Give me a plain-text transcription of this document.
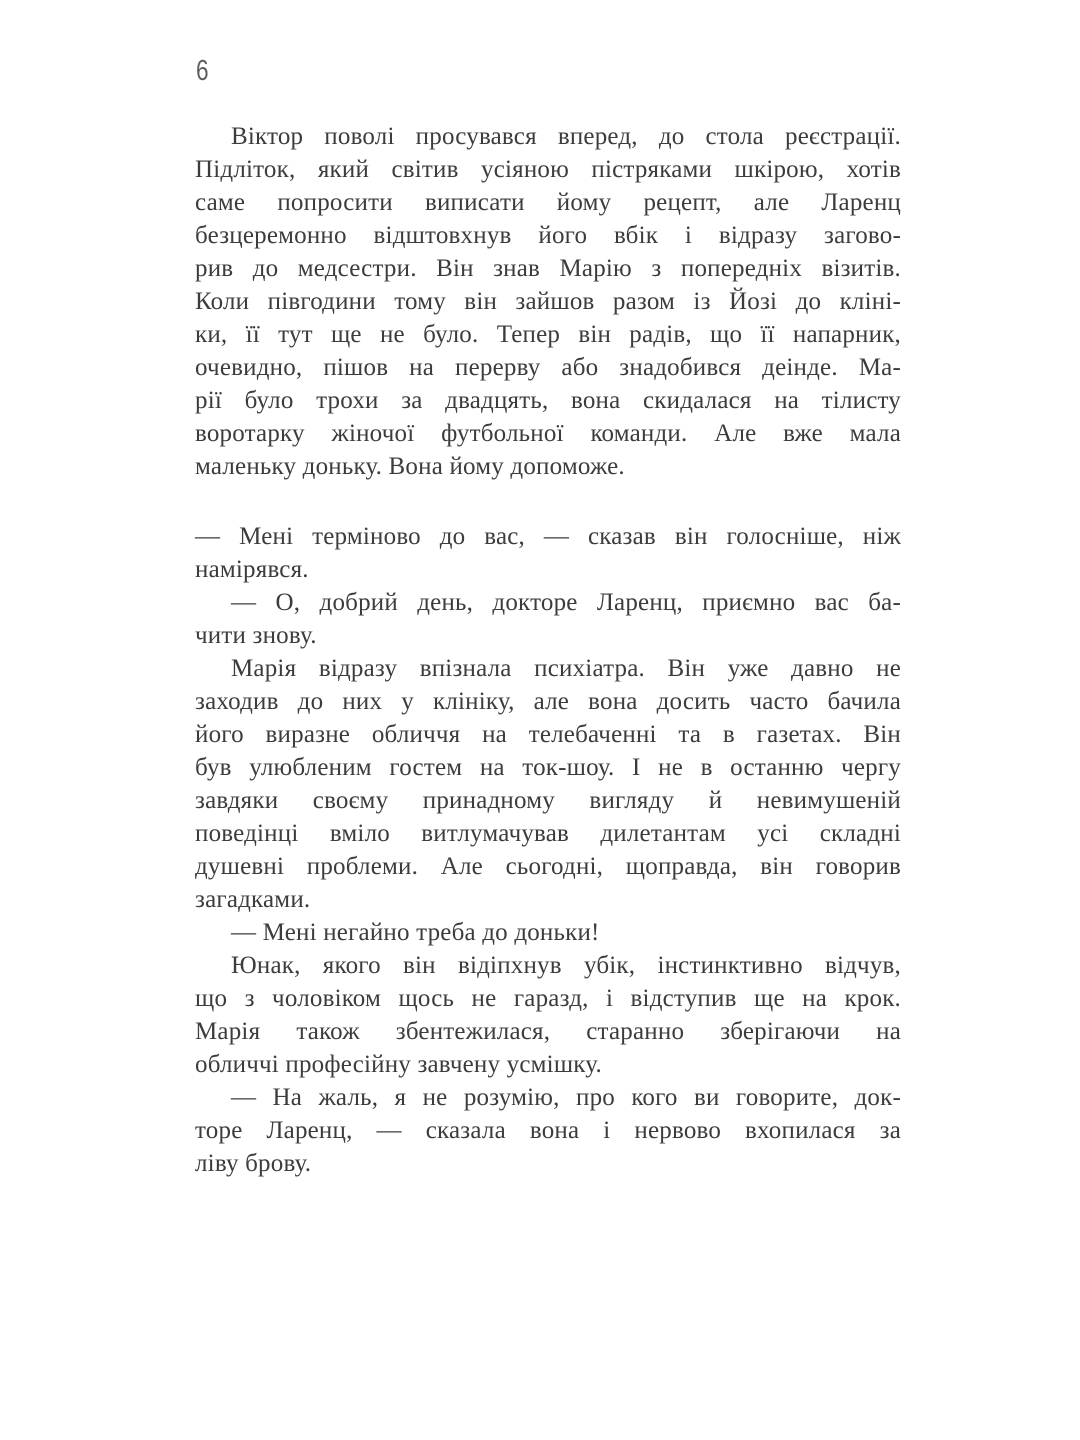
6
Віктор поволі просувався вперед, до стола реєстрації.
Підліток, який світив усіяною пістряками шкірою, хотів
саме попросити виписати йому рецепт, але Ларенц
безцеремонно відштовхнув його вбік і відразу загово-
рив до медсестри. Він знав Марію з попередніх візитів.
Коли півгодини тому він зайшов разом із Йозі до кліні-
ки, її тут ще не було. Тепер він радів, що її напарник,
очевидно, пішов на перерву або знадобився деінде. Ма-
рії було трохи за двадцять, вона скидалася на тілисту
воротарку жіночої футбольної команди. Але вже мала
маленьку доньку. Вона йому допоможе.
— Мені терміново до вас, — сказав він голосніше, ніж
намірявся.
— О, добрий день, докторе Ларенц, приємно вас ба-
чити знову.
Марія відразу впізнала психіатра. Він уже давно не
заходив до них у клініку, але вона досить часто бачила
його виразне обличчя на телебаченні та в газетах. Він
був улюбленим гостем на ток-шоу. І не в останню чергу
завдяки своєму принадному вигляду й невимушеній
поведінці вміло витлумачував дилетантам усі складні
душевні проблеми. Але сьогодні, щоправда, він говорив
загадками.
— Мені негайно треба до доньки!
Юнак, якого він відіпхнув убік, інстинктивно відчув,
що з чоловіком щось не гаразд, і відступив ще на крок.
Марія також збентежилася, старанно зберігаючи на
обличчі професійну завчену усмішку.
— На жаль, я не розумію, про кого ви говорите, док-
торе Ларенц, — сказала вона і нервово вхопилася за
ліву брову.
